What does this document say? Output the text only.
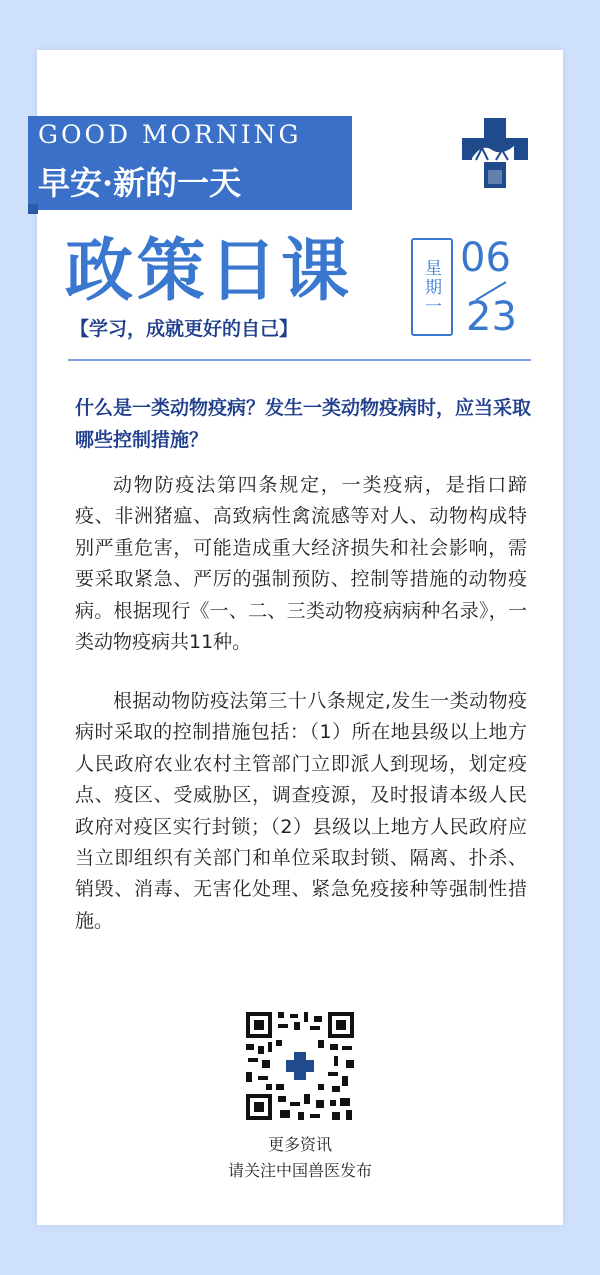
GOOD MORNING
早安·新的一天
政策日课
【学习，成就更好的自己】
星期一
06
23
什么是一类动物疫病？发生一类动物疫病时，应当采取哪些控制措施？
动物防疫法第四条规定，一类疫病，是指口蹄疫、非洲猪瘟、高致病性禽流感等对人、动物构成特别严重危害，可能造成重大经济损失和社会影响，需要采取紧急、严厉的强制预防、控制等措施的动物疫病。根据现行《一、二、三类动物疫病病种名录》，一类动物疫病共11种。
根据动物防疫法第三十八条规定,发生一类动物疫病时采取的控制措施包括：（1）所在地县级以上地方人民政府农业农村主管部门立即派人到现场，划定疫点、疫区、受威胁区，调查疫源，及时报请本级人民政府对疫区实行封锁；（2）县级以上地方人民政府应当立即组织有关部门和单位采取封锁、隔离、扑杀、销毁、消毒、无害化处理、紧急免疫接种等强制性措施。
更多资讯
请关注中国兽医发布
